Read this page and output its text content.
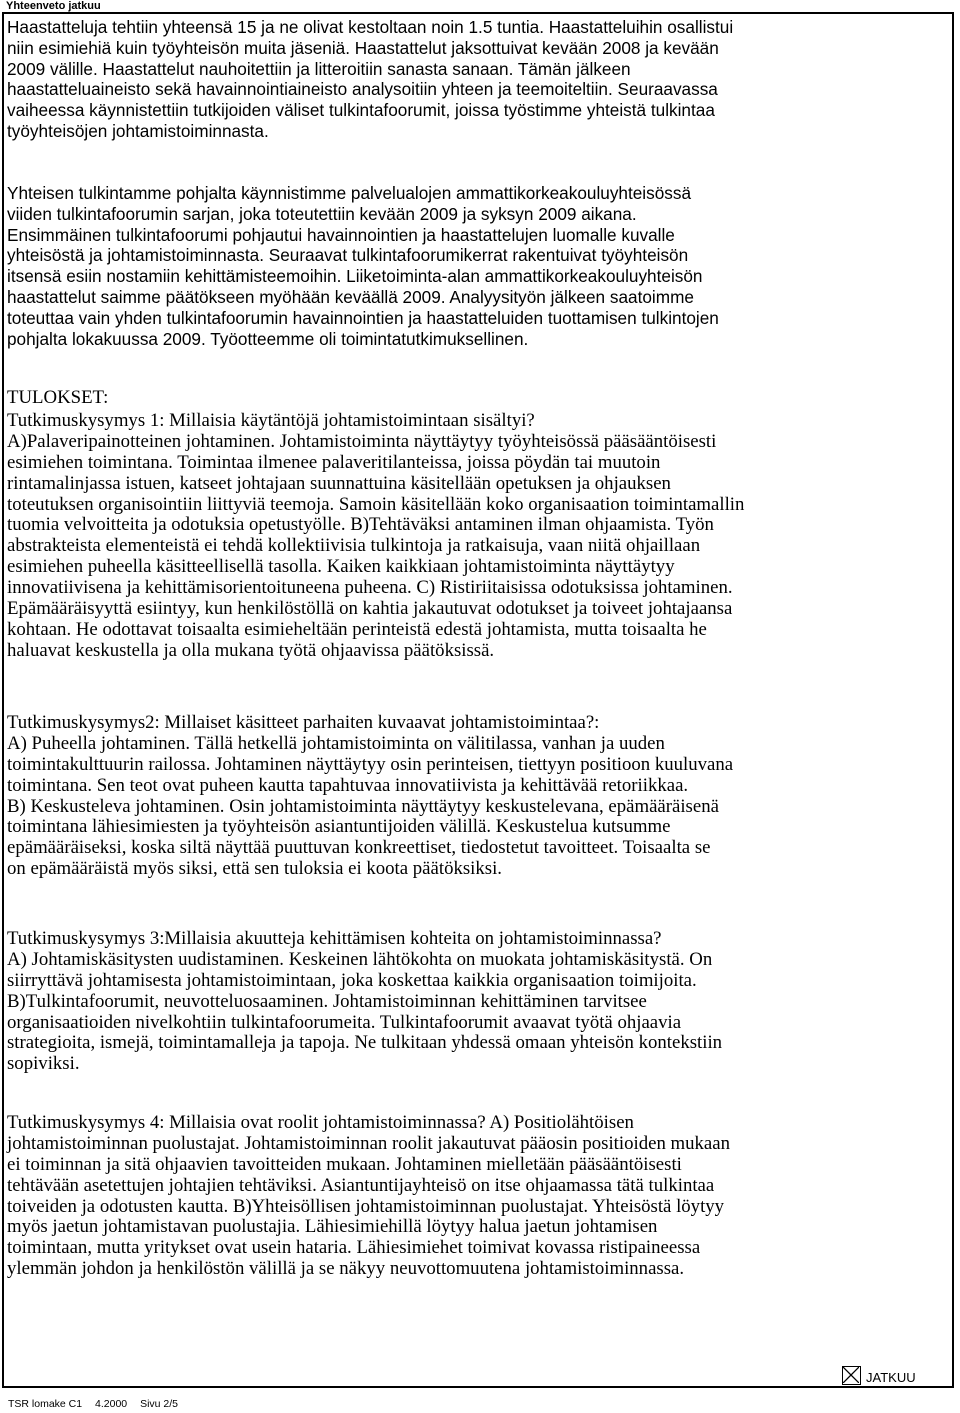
Yhteenveto jatkuu
Haastatteluja tehtiin yhteensä 15 ja ne olivat kestoltaan noin 1.5 tuntia. Haastatteluihin osallistui
niin esimiehiä kuin työyhteisön muita jäseniä. Haastattelut jaksottuivat kevään 2008 ja kevään
2009 välille. Haastattelut nauhoitettiin ja litteroitiin sanasta sanaan. Tämän jälkeen
haastatteluaineisto sekä havainnointiaineisto analysoitiin yhteen ja teemoiteltiin. Seuraavassa
vaiheessa käynnistettiin tutkijoiden väliset tulkintafoorumit, joissa työstimme yhteistä tulkintaa
työyhteisöjen johtamistoiminnasta.
Yhteisen tulkintamme pohjalta käynnistimme palvelualojen ammattikorkeakouluyhteisössä
viiden tulkintafoorumin sarjan, joka toteutettiin kevään 2009 ja syksyn 2009 aikana.
Ensimmäinen tulkintafoorumi pohjautui havainnointien ja haastattelujen luomalle kuvalle
yhteisöstä ja johtamistoiminnasta. Seuraavat tulkintafoorumikerrat rakentuivat työyhteisön
itsensä esiin nostamiin kehittämisteemoihin. Liiketoiminta-alan ammattikorkeakouluyhteisön
haastattelut saimme päätökseen myöhään keväällä 2009. Analyysityön jälkeen saatoimme
toteuttaa vain yhden tulkintafoorumin havainnointien ja haastatteluiden tuottamisen tulkintojen
pohjalta lokakuussa 2009. Työotteemme oli toimintatutkimuksellinen.
TULOKSET:
Tutkimuskysymys 1: Millaisia käytäntöjä johtamistoimintaan sisältyi?
A)Palaveripainotteinen johtaminen. Johtamistoiminta näyttäytyy työyhteisössä pääsääntöisesti
esimiehen toimintana. Toimintaa ilmenee palaveritilanteissa, joissa pöydän tai muutoin
rintamalinjassa istuen, katseet johtajaan suunnattuina käsitellään opetuksen ja ohjauksen
toteutuksen organisointiin liittyviä teemoja. Samoin käsitellään koko organisaation toimintamallin
tuomia velvoitteita ja odotuksia opetustyölle. B)Tehtäväksi antaminen ilman ohjaamista. Työn
abstrakteista elementeistä ei tehdä kollektiivisia tulkintoja ja ratkaisuja, vaan niitä ohjaillaan
esimiehen puheella käsitteellisellä tasolla. Kaiken kaikkiaan johtamistoiminta näyttäytyy
innovatiivisena ja kehittämisorientoituneena puheena. C) Ristiriitaisissa odotuksissa johtaminen.
Epämääräisyyttä esiintyy, kun henkilöstöllä on kahtia jakautuvat odotukset ja toiveet johtajaansa
kohtaan. He odottavat toisaalta esimieheltään perinteistä edestä johtamista, mutta toisaalta he
haluavat keskustella ja olla mukana työtä ohjaavissa päätöksissä.
Tutkimuskysymys2: Millaiset käsitteet parhaiten kuvaavat johtamistoimintaa?:
A) Puheella johtaminen. Tällä hetkellä johtamistoiminta on välitilassa, vanhan ja uuden
toimintakulttuurin railossa. Johtaminen näyttäytyy osin perinteisen, tiettyyn positioon kuuluvana
toimintana. Sen teot ovat puheen kautta tapahtuvaa innovatiivista ja kehittävää retoriikkaa.
B) Keskusteleva johtaminen. Osin johtamistoiminta näyttäytyy keskustelevana, epämääräisenä
toimintana lähiesimiesten ja työyhteisön asiantuntijoiden välillä. Keskustelua kutsumme
epämääräiseksi, koska siltä näyttää puuttuvan konkreettiset, tiedostetut tavoitteet. Toisaalta se
on epämääräistä myös siksi, että sen tuloksia ei koota päätöksiksi.
Tutkimuskysymys 3:Millaisia akuutteja kehittämisen kohteita on johtamistoiminnassa?
A) Johtamiskäsitysten uudistaminen. Keskeinen lähtökohta on muokata johtamiskäsitystä. On
siirryttävä johtamisesta johtamistoimintaan, joka koskettaa kaikkia organisaation toimijoita.
B)Tulkintafoorumit, neuvotteluosaaminen. Johtamistoiminnan kehittäminen tarvitsee
organisaatioiden nivelkohtiin tulkintafoorumeita. Tulkintafoorumit avaavat työtä ohjaavia
strategioita, ismejä, toimintamalleja ja tapoja. Ne tulkitaan yhdessä omaan yhteisön kontekstiin
sopiviksi.
Tutkimuskysymys 4: Millaisia ovat roolit johtamistoiminnassa? A) Positiolähtöisen
johtamistoiminnan puolustajat. Johtamistoiminnan roolit jakautuvat pääosin positioiden mukaan
ei toiminnan ja sitä ohjaavien tavoitteiden mukaan. Johtaminen mielletään pääsääntöisesti
tehtävään asetettujen johtajien tehtäviksi. Asiantuntijayhteisö on itse ohjaamassa tätä tulkintaa
toiveiden ja odotusten kautta. B)Yhteisöllisen johtamistoiminnan puolustajat. Yhteisöstä löytyy
myös jaetun johtamistavan puolustajia. Lähiesimiehillä löytyy halua jaetun johtamisen
toimintaan, mutta yritykset ovat usein hataria. Lähiesimiehet toimivat kovassa ristipaineessa
ylemmän johdon ja henkilöstön välillä ja se näkyy neuvottomuutena johtamistoiminnassa.
JATKUU
TSR lomake C1 4.2000 Sivu 2/5
